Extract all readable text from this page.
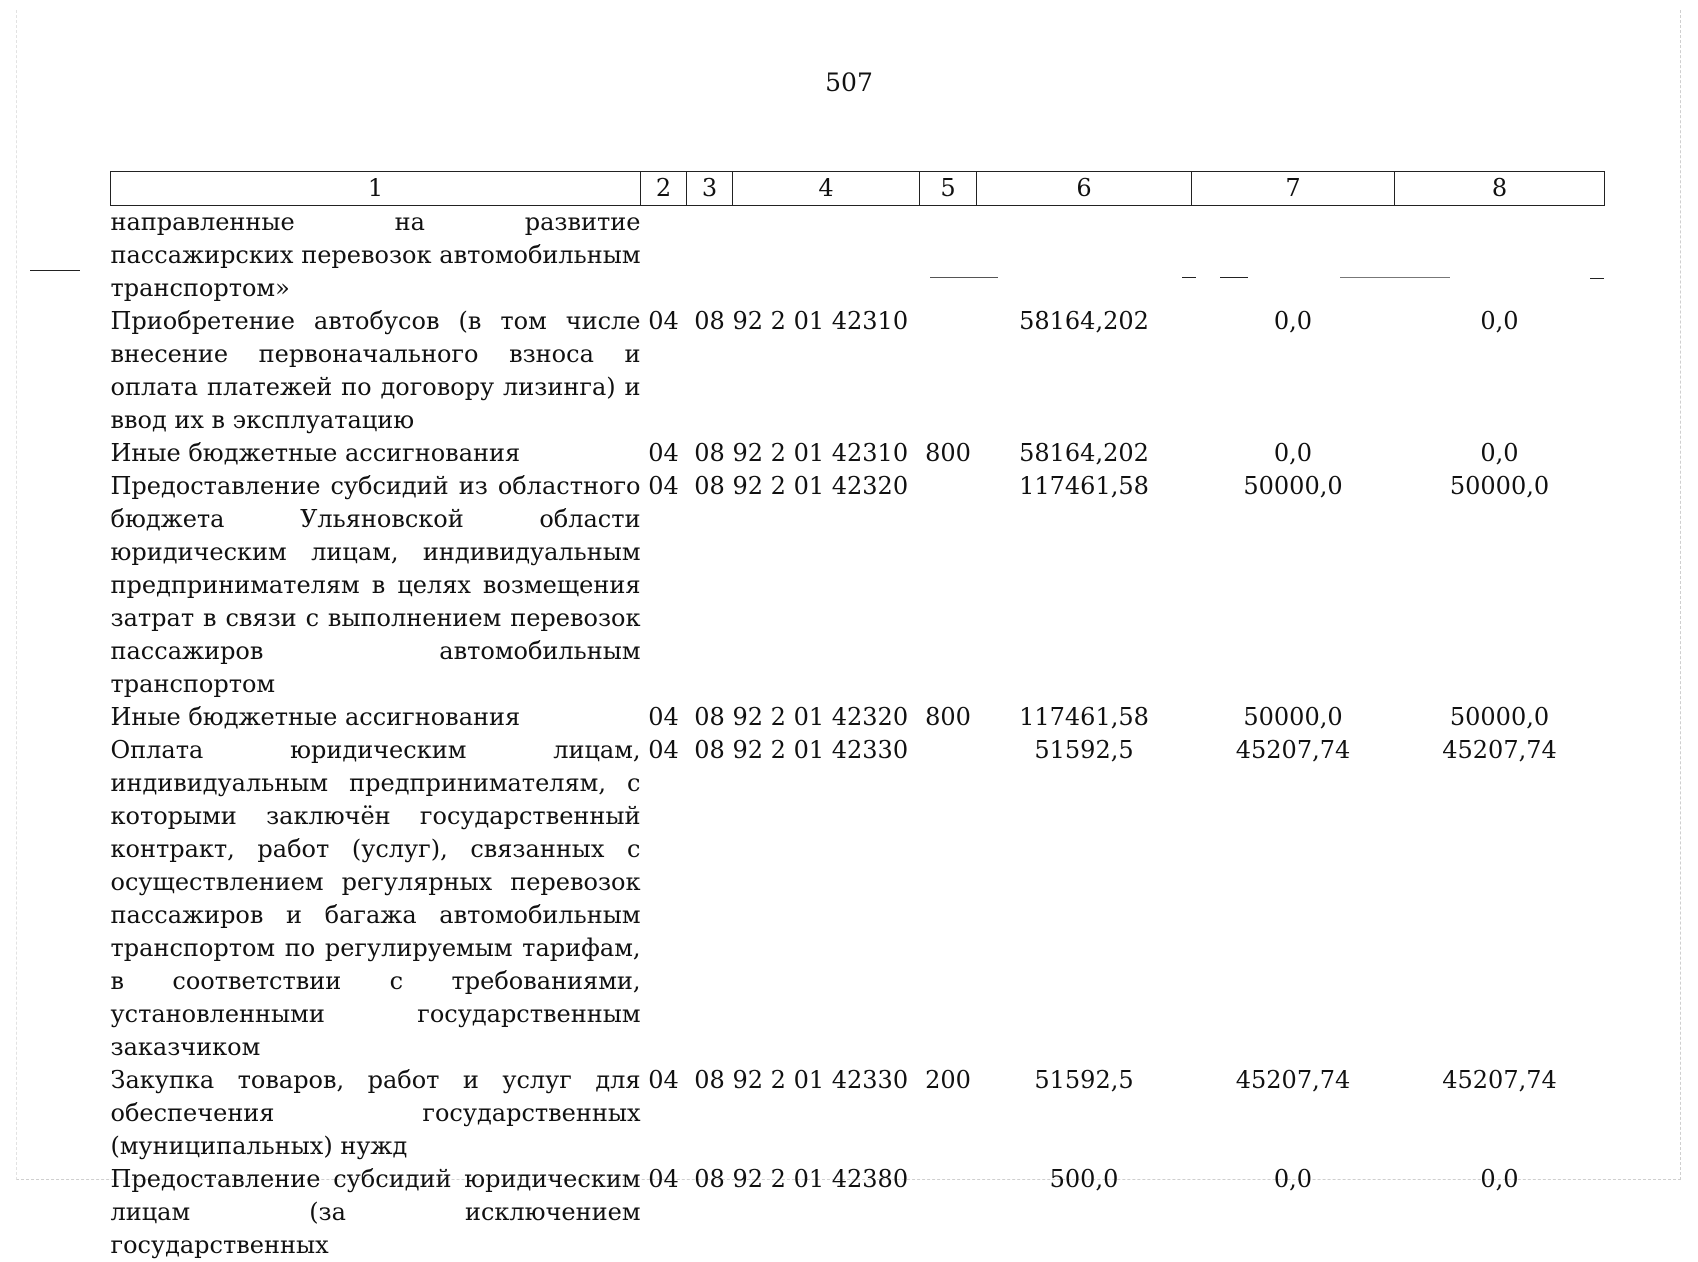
507
1	2	3	4	5	6	7	8
направленные на развитие пассажирских перевозок автомобильным транспортом»							
Приобретение автобусов (в том числе внесение первоначального взноса и оплата платежей по договору лизинга) и ввод их в эксплуатацию	04	08	92 2 01 42310		58164,202	0,0	0,0
Иные бюджетные ассигнования	04	08	92 2 01 42310	800	58164,202	0,0	0,0
Предоставление субсидий из областного бюджета Ульяновской области юридическим лицам, индивидуальным предпринимателям в целях возмещения затрат в связи с выполнением перевозок пассажиров автомобильным транспортом	04	08	92 2 01 42320		117461,58	50000,0	50000,0
Иные бюджетные ассигнования	04	08	92 2 01 42320	800	117461,58	50000,0	50000,0
Оплата юридическим лицам, индивидуальным предпринимателям, с которыми заключён государственный контракт, работ (услуг), связанных с осуществлением регулярных перевозок пассажиров и багажа автомобильным транспортом по регулируемым тарифам, в соответствии с требованиями, установленными государственным заказчиком	04	08	92 2 01 42330		51592,5	45207,74	45207,74
Закупка товаров, работ и услуг для обеспечения государственных (муниципальных) нужд	04	08	92 2 01 42330	200	51592,5	45207,74	45207,74
Предоставление субсидий юридическим лицам (за исключением государственных	04	08	92 2 01 42380		500,0	0,0	0,0
